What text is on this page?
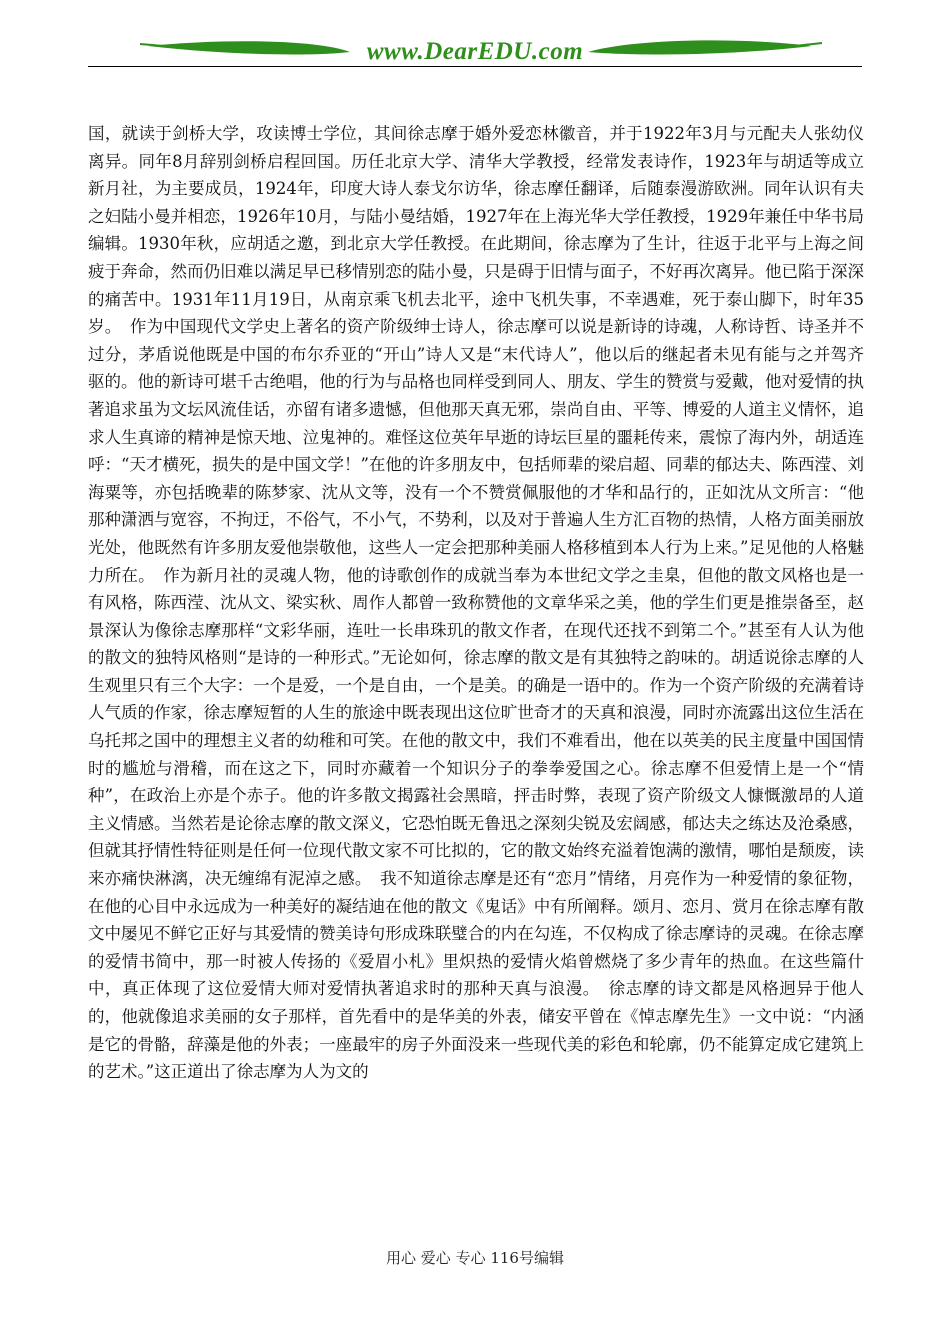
www.DearEDU.com

国，就读于剑桥大学，攻读博士学位，其间徐志摩于婚外爱恋林徽音，并于1922年3月与元配夫人张幼仪离异。同年8月辞别剑桥启程回国。历任北京大学、清华大学教授，经常发表诗作，1923年与胡适等成立新月社，为主要成员，1924年，印度大诗人泰戈尔访华，徐志摩任翻译，后随泰漫游欧洲。同年认识有夫之妇陆小曼并相恋，1926年10月，与陆小曼结婚，1927年在上海光华大学任教授，1929年兼任中华书局编辑。1930年秋，应胡适之邀，到北京大学任教授。在此期间，徐志摩为了生计，往返于北平与上海之间疲于奔命，然而仍旧难以满足早已移情别恋的陆小曼，只是碍于旧情与面子，不好再次离异。他已陷于深深的痛苦中。1931年11月19日，从南京乘飞机去北平，途中飞机失事，不幸遇难，死于泰山脚下，时年35岁。　作为中国现代文学史上著名的资产阶级绅士诗人，徐志摩可以说是新诗的诗魂，人称诗哲、诗圣并不过分，茅盾说他既是中国的布尔乔亚的“开山”诗人又是“末代诗人”，他以后的继起者未见有能与之并驾齐驱的。他的新诗可堪千古绝唱，他的行为与品格也同样受到同人、朋友、学生的赞赏与爱戴，他对爱情的执著追求虽为文坛风流佳话，亦留有诸多遗憾，但他那天真无邪，崇尚自由、平等、博爱的人道主义情怀，追求人生真谛的精神是惊天地、泣鬼神的。难怪这位英年早逝的诗坛巨星的噩耗传来，震惊了海内外，胡适连呼：“天才横死，损失的是中国文学！”在他的许多朋友中，包括师辈的梁启超、同辈的郁达夫、陈西滢、刘海粟等，亦包括晚辈的陈梦家、沈从文等，没有一个不赞赏佩服他的才华和品行的，正如沈从文所言：“他那种潇洒与宽容，不拘迂，不俗气，不小气，不势利，以及对于普遍人生方汇百物的热情，人格方面美丽放光处，他既然有许多朋友爱他崇敬他，这些人一定会把那种美丽人格移植到本人行为上来。”足见他的人格魅力所在。　作为新月社的灵魂人物，他的诗歌创作的成就当奉为本世纪文学之圭臬，但他的散文风格也是一有风格，陈西滢、沈从文、梁实秋、周作人都曾一致称赞他的文章华采之美，他的学生们更是推崇备至，赵景深认为像徐志摩那样“文彩华丽，连吐一长串珠玑的散文作者，在现代还找不到第二个。”甚至有人认为他的散文的独特风格则“是诗的一种形式。”无论如何，徐志摩的散文是有其独特之韵味的。胡适说徐志摩的人生观里只有三个大字：一个是爱，一个是自由，一个是美。的确是一语中的。作为一个资产阶级的充满着诗人气质的作家，徐志摩短暂的人生的旅途中既表现出这位旷世奇才的天真和浪漫，同时亦流露出这位生活在乌托邦之国中的理想主义者的幼稚和可笑。在他的散文中，我们不难看出，他在以英美的民主度量中国国情时的尴尬与滑稽，而在这之下，同时亦藏着一个知识分子的拳拳爱国之心。徐志摩不但爱情上是一个“情种”，在政治上亦是个赤子。他的许多散文揭露社会黑暗，抨击时弊，表现了资产阶级文人慷慨激昂的人道主义情感。当然若是论徐志摩的散文深义，它恐怕既无鲁迅之深刻尖锐及宏阔感，郁达夫之练达及沧桑感，但就其抒情性特征则是任何一位现代散文家不可比拟的，它的散文始终充溢着饱满的激情，哪怕是颓废，读来亦痛快淋漓，决无缠绵有泥淖之感。　我不知道徐志摩是还有“恋月”情绪，月亮作为一种爱情的象征物，在他的心目中永远成为一种美好的凝结迪在他的散文《鬼话》中有所阐释。颂月、恋月、赏月在徐志摩有散文中屡见不鲜它正好与其爱情的赞美诗句形成珠联璧合的内在勾连，不仅构成了徐志摩诗的灵魂。在徐志摩的爱情书简中，那一时被人传扬的《爱眉小札》里炽热的爱情火焰曾燃烧了多少青年的热血。在这些篇什中，真正体现了这位爱情大师对爱情执著追求时的那种天真与浪漫。　徐志摩的诗文都是风格迥异于他人的，他就像追求美丽的女子那样，首先看中的是华美的外表，储安平曾在《悼志摩先生》一文中说：“内涵是它的骨骼，辞藻是他的外表；一座最牢的房子外面没来一些现代美的彩色和轮廓，仍不能算定成它建筑上的艺术。”这正道出了徐志摩为人为文的

用心 爱心 专心 116号编辑
